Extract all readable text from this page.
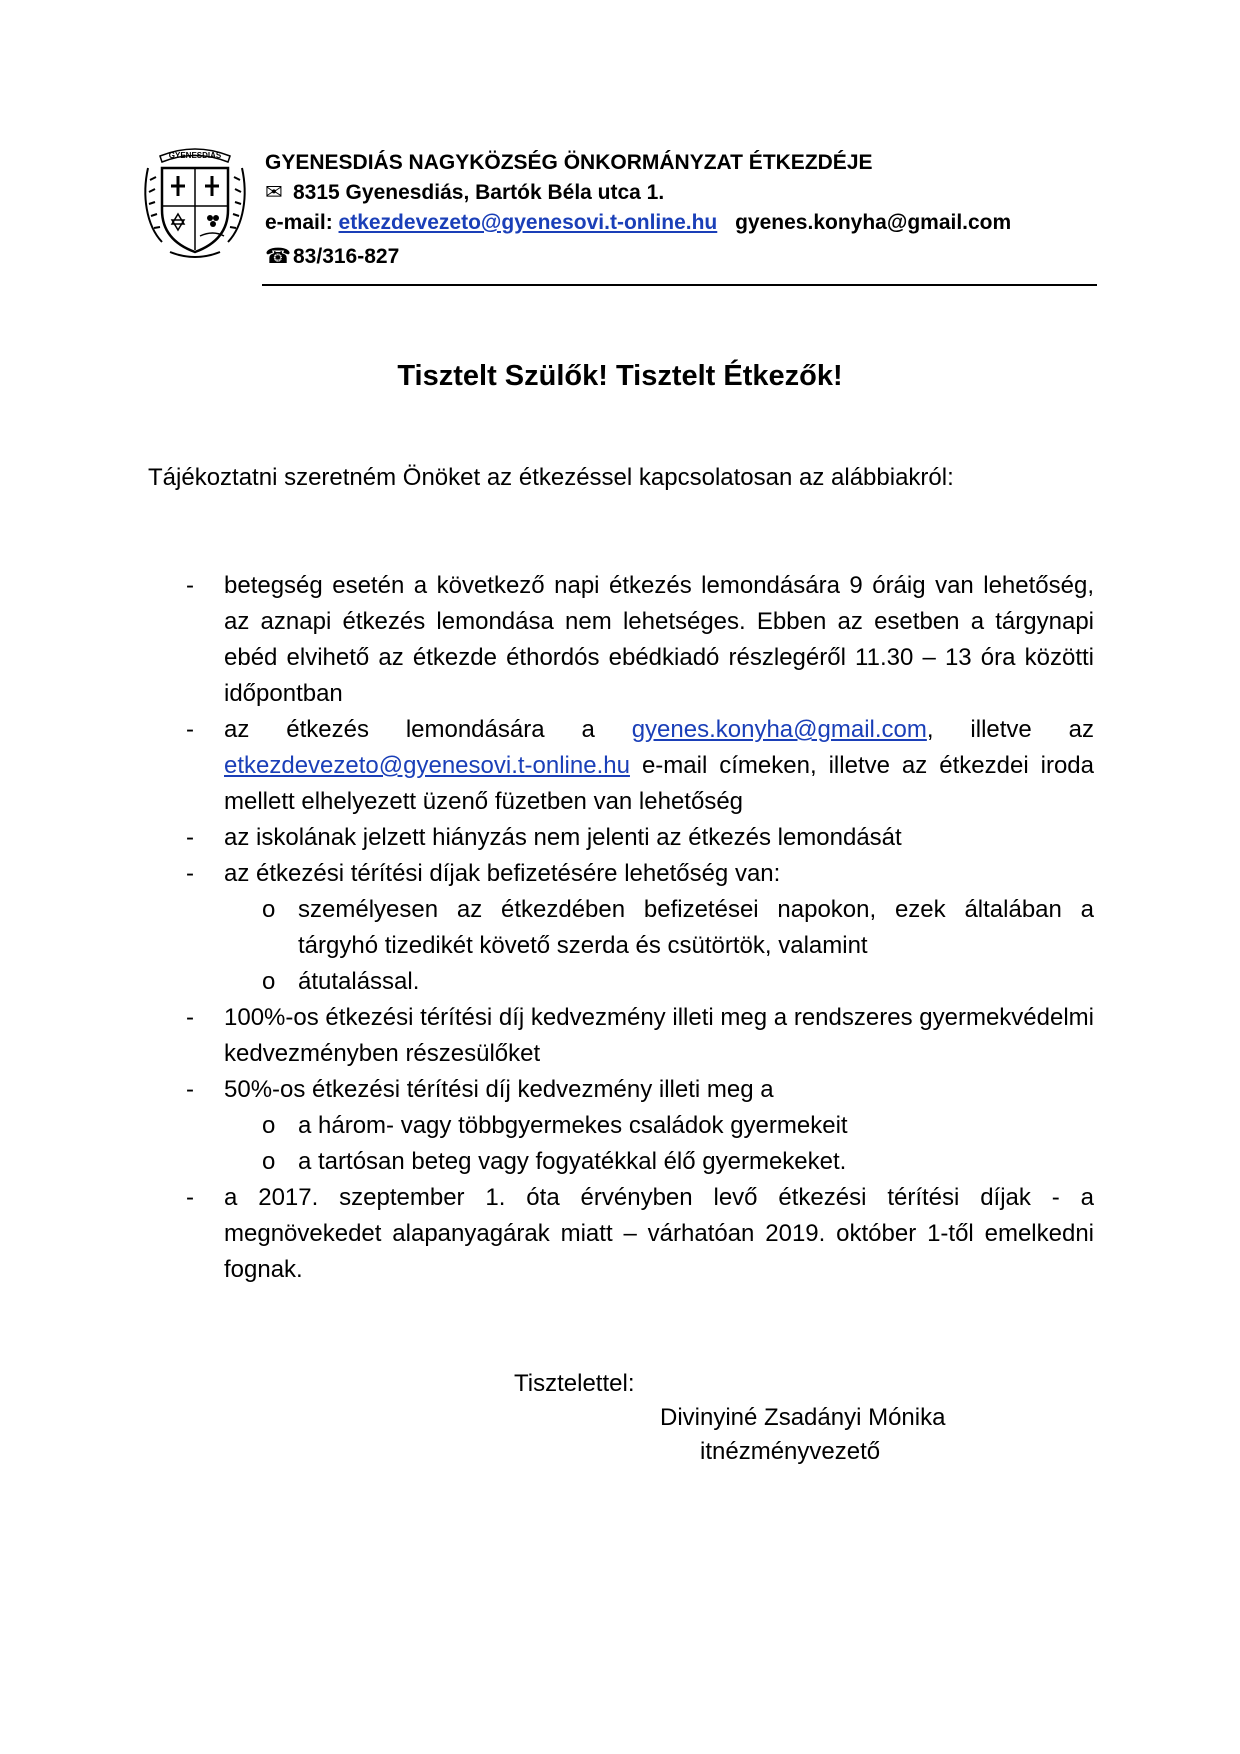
GYENESDIÁS GYENESDIÁS NAGYKÖZSÉG ÖNKORMÁNYZAT ÉTKEZDÉJE
✉ 8315 Gyenesdiás, Bartók Béla utca 1.
e-mail: etkezdevezeto@gyenesovi.t-online.hu gyenes.konyha@gmail.com
☎83/316-827
Tisztelt Szülők! Tisztelt Étkezők!
Tájékoztatni szeretném Önöket az étkezéssel kapcsolatosan az alábbiakról:
- betegség esetén a következő napi étkezés lemondására 9 óráig van lehetőség, az aznapi étkezés lemondása nem lehetséges. Ebben az esetben a tárgynapi ebéd elvihető az étkezde éthordós ebédkiadó részlegéről 11.30 – 13 óra közötti időpontban
- az étkezés lemondására a gyenes.konyha@gmail.com, illetve az etkezdevezeto@gyenesovi.t-online.hu e-mail címeken, illetve az étkezdei iroda mellett elhelyezett üzenő füzetben van lehetőség
- az iskolának jelzett hiányzás nem jelenti az étkezés lemondását
- az étkezési térítési díjak befizetésére lehetőség van:
o személyesen az étkezdében befizetései napokon, ezek általában a tárgyhó tizedikét követő szerda és csütörtök, valamint
o átutalással.
- 100%-os étkezési térítési díj kedvezmény illeti meg a rendszeres gyermekvédelmi kedvezményben részesülőket
- 50%-os étkezési térítési díj kedvezmény illeti meg a
o a három- vagy többgyermekes családok gyermekeit
o a tartósan beteg vagy fogyatékkal élő gyermekeket.
- a 2017. szeptember 1. óta érvényben levő étkezési térítési díjak - a megnövekedet alapanyagárak miatt – várhatóan 2019. október 1-től emelkedni fognak.
Tisztelettel:
Divinyiné Zsadányi Mónika
itnézményvezető
